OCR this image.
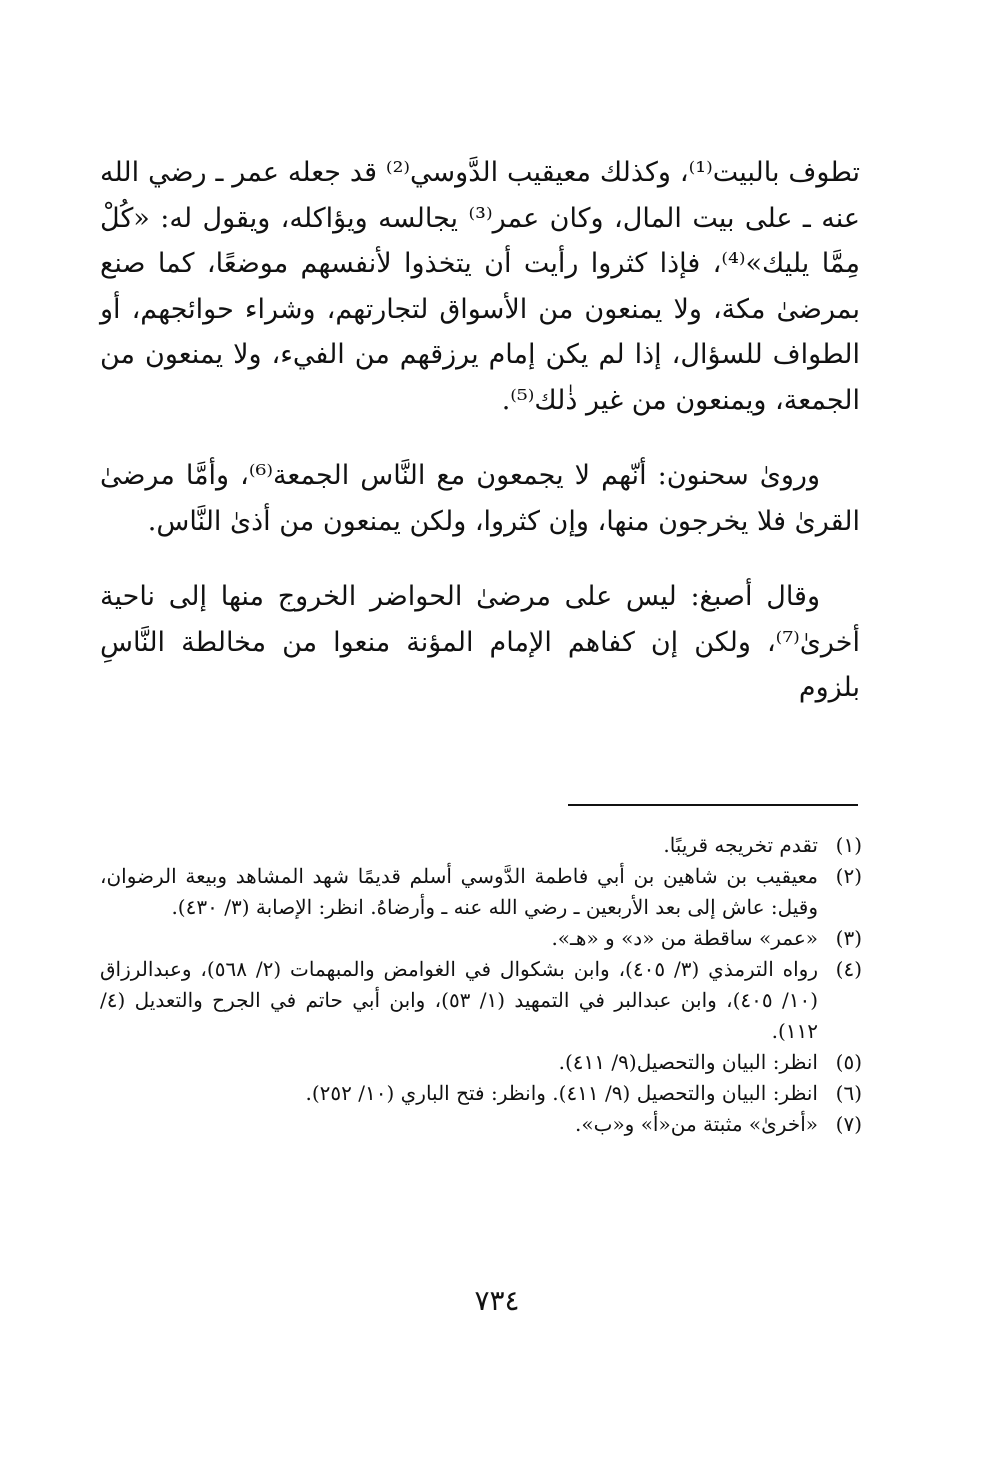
تطوف بالبيت⁽¹⁾، وكذلك معيقيب الدَّوسي⁽²⁾ قد جعله عمر ـ رضي الله عنه ـ على بيت المال، وكان عمر⁽³⁾ يجالسه ويؤاكله، ويقول له: «كُلْ مِمَّا يليك»⁽⁴⁾، فإذا كثروا رأيت أن يتخذوا لأنفسهم موضعًا، كما صنع بمرضىٰ مكة، ولا يمنعون من الأسواق لتجارتهم، وشراء حوائجهم، أو الطواف للسؤال، إذا لم يكن إمام يرزقهم من الفيء، ولا يمنعون من الجمعة، ويمنعون من غير ذٰلك⁽⁵⁾.

وروىٰ سحنون: أنّهم لا يجمعون مع النَّاس الجمعة⁽⁶⁾، وأمَّا مرضىٰ القرىٰ فلا يخرجون منها، وإن كثروا، ولكن يمنعون من أذىٰ النَّاس.

وقال أصبغ: ليس على مرضىٰ الحواضر الخروج منها إلى ناحية أخرىٰ⁽⁷⁾، ولكن إن كفاهم الإمام المؤنة منعوا من مخالطة النَّاسِ بلزوم

(١)
تقدم تخريجه قريبًا.
(٢)
معيقيب بن شاهين بن أبي فاطمة الدَّوسي أسلم قديمًا شهد المشاهد وبيعة الرضوان، وقيل: عاش إلى بعد الأربعين ـ رضي الله عنه ـ وأرضاهُ. انظر: الإصابة (٣/ ٤٣٠).
(٣)
«عمر» ساقطة من «د» و «هـ».
(٤)
رواه الترمذي (٣/ ٤٠٥)، وابن بشكوال في الغوامض والمبهمات (٢/ ٥٦٨)، وعبدالرزاق (١٠/ ٤٠٥)، وابن عبدالبر في التمهيد (١/ ٥٣)، وابن أبي حاتم في الجرح والتعديل (٤/ ١١٢).
(٥)
انظر: البيان والتحصيل(٩/ ٤١١).
(٦)
انظر: البيان والتحصيل (٩/ ٤١١). وانظر: فتح الباري (١٠/ ٢٥٢).
(٧)
«أخرىٰ» مثبتة من«أ» و«ب».
٧٣٤
